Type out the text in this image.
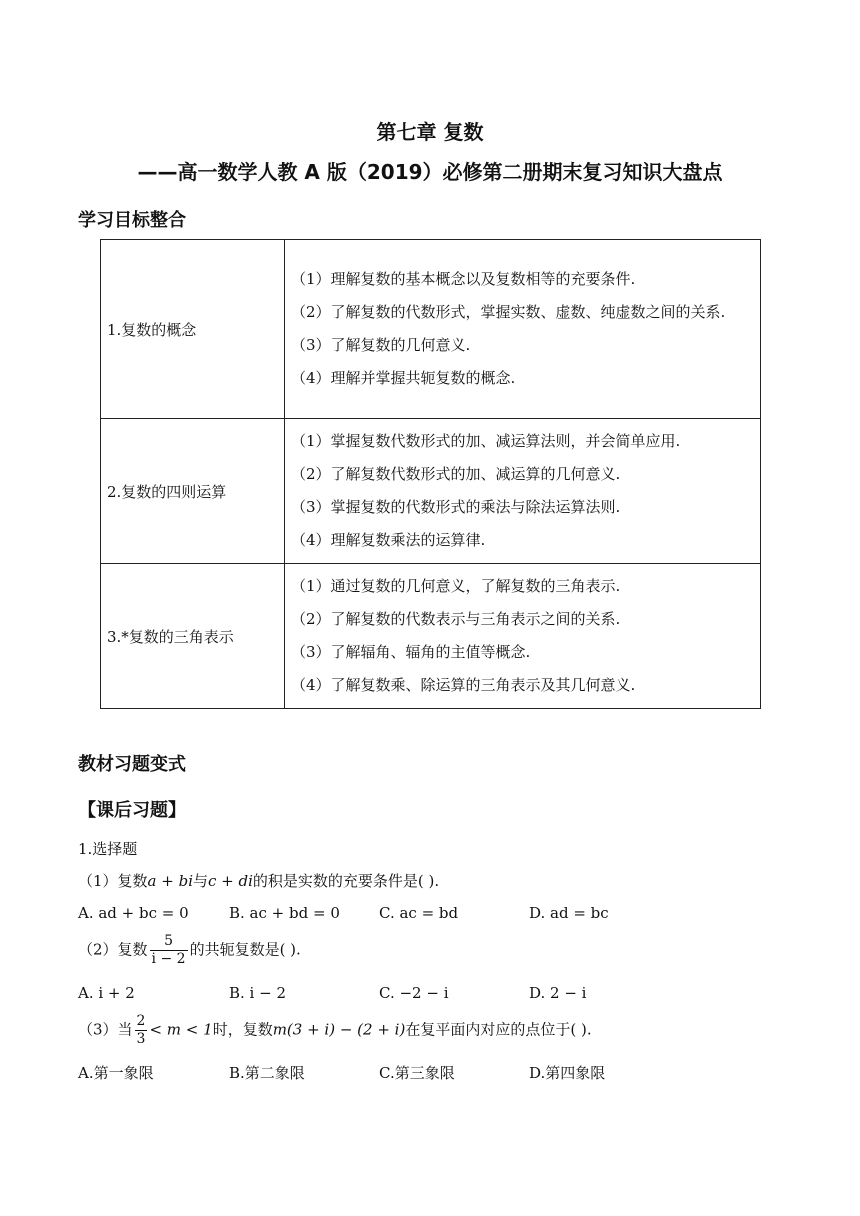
第七章 复数
——高一数学人教 A 版（2019）必修第二册期末复习知识大盘点
学习目标整合
1.复数的概念	（1）理解复数的基本概念以及复数相等的充要条件.
（2）了解复数的代数形式，掌握实数、虚数、纯虚数之间的关系.
（3）了解复数的几何意义.
（4）理解并掌握共轭复数的概念.

2.复数的四则运算	（1）掌握复数代数形式的加、减运算法则，并会简单应用.
（2）了解复数代数形式的加、减运算的几何意义.
（3）掌握复数的代数形式的乘法与除法运算法则.
（4）理解复数乘法的运算律.

3.*复数的三角表示	（1）通过复数的几何意义，了解复数的三角表示.
（2）了解复数的代数表示与三角表示之间的关系.
（3）了解辐角、辐角的主值等概念.
（4）了解复数乘、除运算的三角表示及其几何意义.
教材习题变式
【课后习题】
1.选择题
（1）复数a + bi与c + di的积是实数的充要条件是( ).
A. ad + bc = 0	B. ac + bd = 0	C. ac = bd	D. ad = bc
（2）复数 $\frac{5}{i - 2}$ 的共轭复数是( ).
A. i + 2	B. i − 2	C. −2 − i	D. 2 − i
（3）当 $\frac{2}{3} < m < 1$时，复数m(3 + i) − (2 + i)在复平面内对应的点位于( ).
A.第一象限	B.第二象限	C.第三象限	D.第四象限
